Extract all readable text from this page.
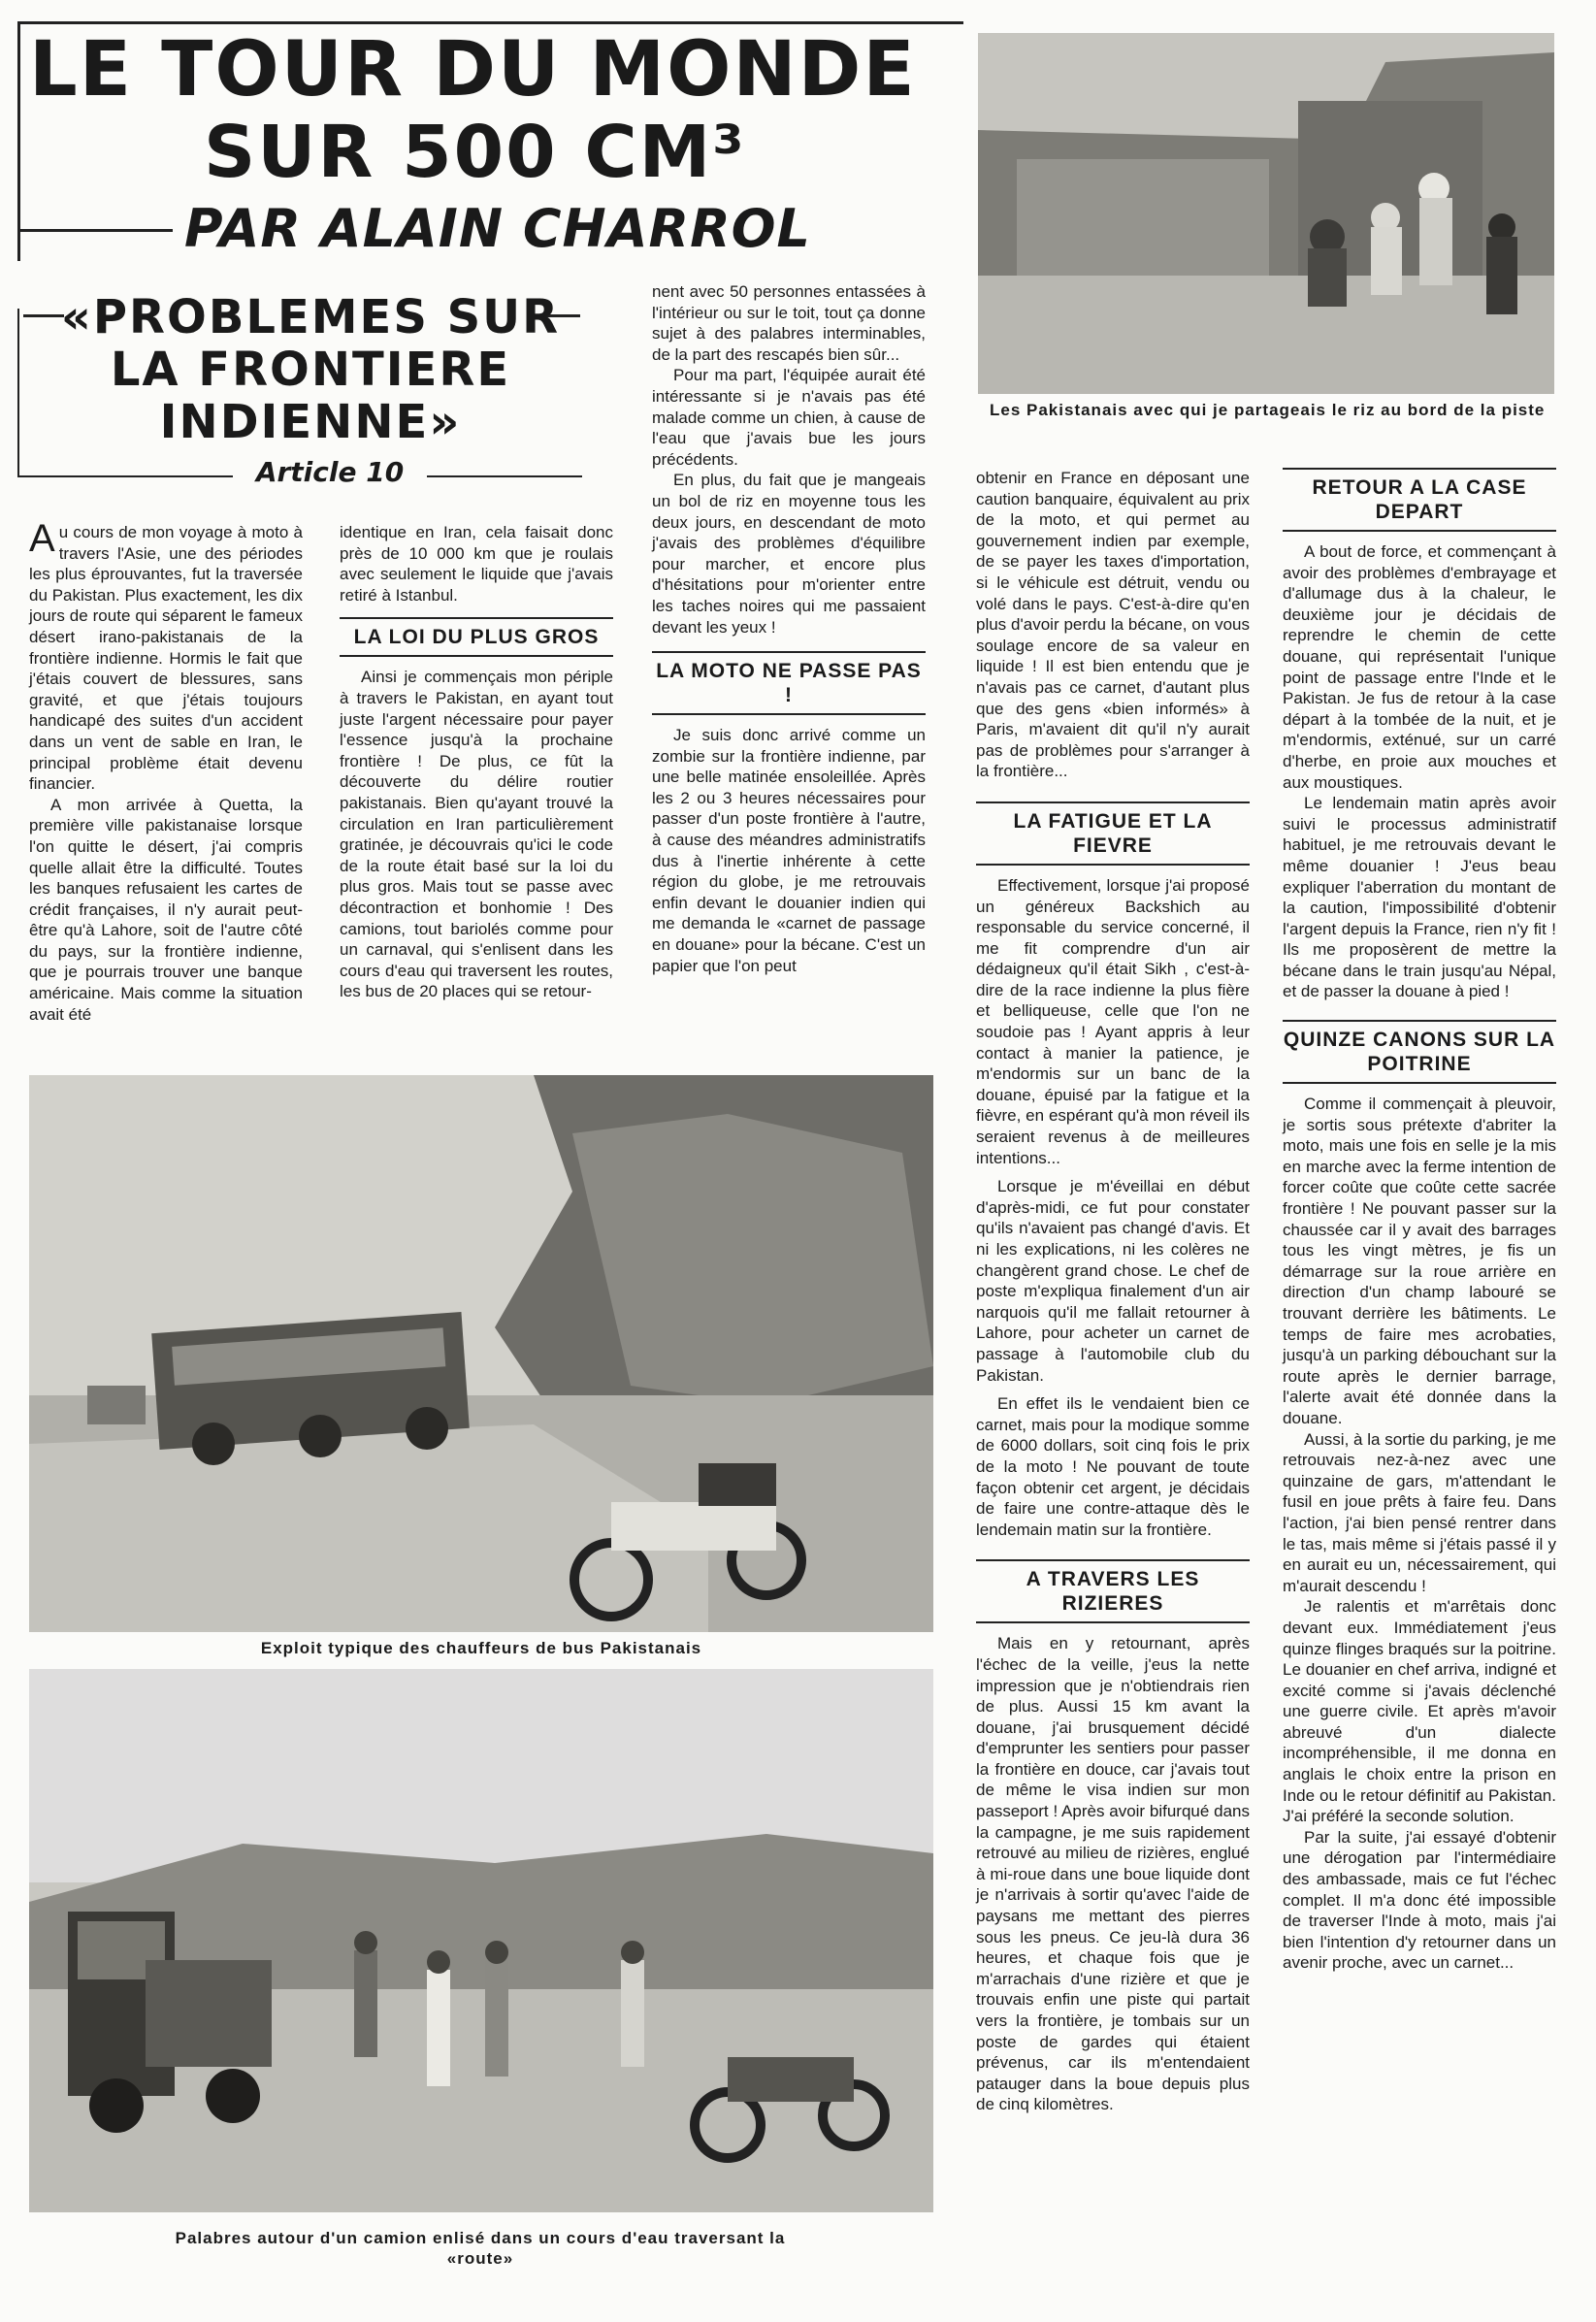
LE TOUR DU MONDE
SUR 500 CM³
PAR ALAIN CHARROL
«PROBLEMES SUR
LA FRONTIERE
INDIENNE»
Article 10

Au cours de mon voyage à moto à travers l'Asie, une des périodes les plus éprouvantes, fut la traversée du Pakistan. Plus exactement, les dix jours de route qui séparent le fameux désert irano-pakistanais de la frontière indienne. Hormis le fait que j'étais couvert de blessures, sans gravité, et que j'étais toujours handicapé des suites d'un accident dans un vent de sable en Iran, le principal problème était devenu financier.

A mon arrivée à Quetta, la première ville pakistanaise lorsque l'on quitte le désert, j'ai compris quelle allait être la difficulté. Toutes les banques refusaient les cartes de crédit françaises, il n'y aurait peut-être qu'à Lahore, soit de l'autre côté du pays, sur la frontière indienne, que je pourrais trouver une banque américaine. Mais comme la situation avait été

identique en Iran, cela faisait donc près de 10 000 km que je roulais avec seulement le liquide que j'avais retiré à Istanbul.

LA LOI DU PLUS GROS

Ainsi je commençais mon périple à travers le Pakistan, en ayant tout juste l'argent nécessaire pour payer l'essence jusqu'à la prochaine frontière ! De plus, ce fût la découverte du délire routier pakistanais. Bien qu'ayant trouvé la circulation en Iran particulièrement gratinée, je découvrais qu'ici le code de la route était basé sur la loi du plus gros. Mais tout se passe avec décontraction et bonhomie ! Des camions, tout bariolés comme pour un carnaval, qui s'enlisent dans les cours d'eau qui traversent les routes, les bus de 20 places qui se retour-

nent avec 50 personnes entassées à l'intérieur ou sur le toit, tout ça donne sujet à des palabres interminables, de la part des rescapés bien sûr...

Pour ma part, l'équipée aurait été intéressante si je n'avais pas été malade comme un chien, à cause de l'eau que j'avais bue les jours précédents.

En plus, du fait que je mangeais un bol de riz en moyenne tous les deux jours, en descendant de moto j'avais des problèmes d'équilibre pour marcher, et encore plus d'hésitations pour m'orienter entre les taches noires qui me passaient devant les yeux !

LA MOTO NE PASSE PAS !

Je suis donc arrivé comme un zombie sur la frontière indienne, par une belle matinée ensoleillée. Après les 2 ou 3 heures nécessaires pour passer d'un poste frontière à l'autre, à cause des méandres administratifs dus à l'inertie inhérente à cette région du globe, je me retrouvais enfin devant le douanier indien qui me demanda le «carnet de passage en douane» pour la bécane. C'est un papier que l'on peut

Les Pakistanais avec qui je partageais le riz au bord de la piste

obtenir en France en déposant une caution banquaire, équivalent au prix de la moto, et qui permet au gouvernement indien par exemple, de se payer les taxes d'importation, si le véhicule est détruit, vendu ou volé dans le pays. C'est-à-dire qu'en plus d'avoir perdu la bécane, on vous soulage encore de sa valeur en liquide ! Il est bien entendu que je n'avais pas ce carnet, d'autant plus que des gens «bien informés» à Paris, m'avaient dit qu'il n'y aurait pas de problèmes pour s'arranger à la frontière...

LA FATIGUE ET LA FIEVRE

Effectivement, lorsque j'ai proposé un généreux Backshich au responsable du service concerné, il me fit comprendre d'un air dédaigneux qu'il était Sikh , c'est-à-dire de la race indienne la plus fière et belliqueuse, celle que l'on ne soudoie pas ! Ayant appris à leur contact à manier la patience, je m'endormis sur un banc de la douane, épuisé par la fatigue et la fièvre, en espérant qu'à mon réveil ils seraient revenus à de meilleures intentions...

Lorsque je m'éveillai en début d'après-midi, ce fut pour constater qu'ils n'avaient pas changé d'avis. Et ni les explications, ni les colères ne changèrent grand chose. Le chef de poste m'expliqua finalement d'un air narquois qu'il me fallait retourner à Lahore, pour acheter un carnet de passage à l'automobile club du Pakistan.

En effet ils le vendaient bien ce carnet, mais pour la modique somme de 6000 dollars, soit cinq fois le prix de la moto ! Ne pouvant de toute façon obtenir cet argent, je décidais de faire une contre-attaque dès le lendemain matin sur la frontière.

A TRAVERS LES RIZIERES

Mais en y retournant, après l'échec de la veille, j'eus la nette impression que je n'obtiendrais rien de plus. Aussi 15 km avant la douane, j'ai brusquement décidé d'emprunter les sentiers pour passer la frontière en douce, car j'avais tout de même le visa indien sur mon passeport ! Après avoir bifurqué dans la campagne, je me suis rapidement retrouvé au milieu de rizières, englué à mi-roue dans une boue liquide dont je n'arrivais à sortir qu'avec l'aide de paysans me mettant des pierres sous les pneus. Ce jeu-là dura 36 heures, et chaque fois que je m'arrachais d'une rizière et que je trouvais enfin une piste qui partait vers la frontière, je tombais sur un poste de gardes qui étaient prévenus, car ils m'entendaient patauger dans la boue depuis plus de cinq kilomètres.

RETOUR A LA CASE DEPART

A bout de force, et commençant à avoir des problèmes d'embrayage et d'allumage dus à la chaleur, le deuxième jour je décidais de reprendre le chemin de cette douane, qui représentait l'unique point de passage entre l'Inde et le Pakistan. Je fus de retour à la case départ à la tombée de la nuit, et je m'endormis, exténué, sur un carré d'herbe, en proie aux mouches et aux moustiques.

Le lendemain matin après avoir suivi le processus administratif habituel, je me retrouvais devant le même douanier ! J'eus beau expliquer l'aberration du montant de la caution, l'impossibilité d'obtenir l'argent depuis la France, rien n'y fit ! Ils me proposèrent de mettre la bécane dans le train jusqu'au Népal, et de passer la douane à pied !

QUINZE CANONS SUR LA POITRINE

Comme il commençait à pleuvoir, je sortis sous prétexte d'abriter la moto, mais une fois en selle je la mis en marche avec la ferme intention de forcer coûte que coûte cette sacrée frontière ! Ne pouvant passer sur la chaussée car il y avait des barrages tous les vingt mètres, je fis un démarrage sur la roue arrière en direction d'un champ labouré se trouvant derrière les bâtiments. Le temps de faire mes acrobaties, jusqu'à un parking débouchant sur la route après le dernier barrage, l'alerte avait été donnée dans la douane.

Aussi, à la sortie du parking, je me retrouvais nez-à-nez avec une quinzaine de gars, m'attendant le fusil en joue prêts à faire feu. Dans l'action, j'ai bien pensé rentrer dans le tas, mais même si j'étais passé il y en aurait eu un, nécessairement, qui m'aurait descendu !

Je ralentis et m'arrêtais donc devant eux. Immédiatement j'eus quinze flinges braqués sur la poitrine. Le douanier en chef arriva, indigné et excité comme si j'avais déclenché une guerre civile. Et après m'avoir abreuvé d'un dialecte incompréhensible, il me donna en anglais le choix entre la prison en Inde ou le retour définitif au Pakistan. J'ai préféré la seconde solution.

Par la suite, j'ai essayé d'obtenir une dérogation par l'intermédiaire des ambassade, mais ce fut l'échec complet. Il m'a donc été impossible de traverser l'Inde à moto, mais j'ai bien l'intention d'y retourner dans un avenir proche, avec un carnet...

Exploit typique des chauffeurs de bus Pakistanais
Palabres autour d'un camion enlisé dans un cours d'eau traversant la «route»
